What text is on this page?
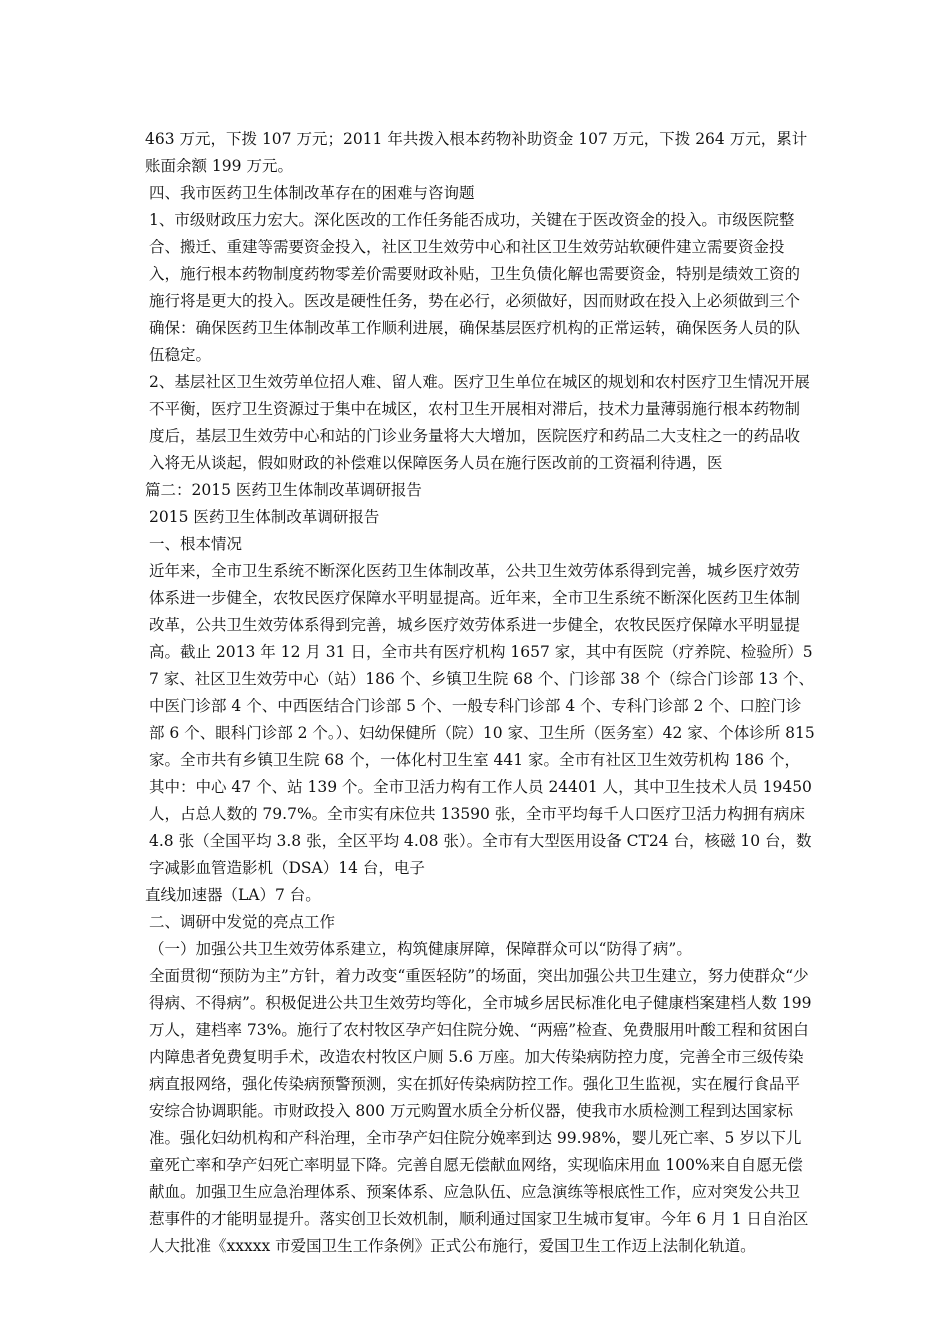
463 万元，下拨 107 万元；2011 年共拨入根本药物补助资金 107 万元，下拨 264 万元，累计账面余额 199 万元。

四、我市医药卫生体制改革存在的困难与咨询题

1、市级财政压力宏大。深化医改的工作任务能否成功，关键在于医改资金的投入。市级医院整合、搬迁、重建等需要资金投入，社区卫生效劳中心和社区卫生效劳站软硬件建立需要资金投入，施行根本药物制度药物零差价需要财政补贴，卫生负债化解也需要资金，特别是绩效工资的施行将是更大的投入。医改是硬性任务，势在必行，必须做好，因而财政在投入上必须做到三个确保：确保医药卫生体制改革工作顺利进展，确保基层医疗机构的正常运转，确保医务人员的队伍稳定。

2、基层社区卫生效劳单位招人难、留人难。医疗卫生单位在城区的规划和农村医疗卫生情况开展不平衡，医疗卫生资源过于集中在城区，农村卫生开展相对滞后，技术力量薄弱施行根本药物制度后，基层卫生效劳中心和站的门诊业务量将大大增加，医院医疗和药品二大支柱之一的药品收入将无从谈起，假如财政的补偿难以保障医务人员在施行医改前的工资福利待遇，医

篇二：2015 医药卫生体制改革调研报告

2015 医药卫生体制改革调研报告

一、根本情况

近年来，全市卫生系统不断深化医药卫生体制改革，公共卫生效劳体系得到完善，城乡医疗效劳体系进一步健全，农牧民医疗保障水平明显提高。近年来，全市卫生系统不断深化医药卫生体制改革，公共卫生效劳体系得到完善，城乡医疗效劳体系进一步健全，农牧民医疗保障水平明显提高。截止 2013 年 12 月 31 日，全市共有医疗机构 1657 家，其中有医院（疗养院、检验所）57 家、社区卫生效劳中心（站）186 个、乡镇卫生院 68 个、门诊部 38 个（综合门诊部 13 个、中医门诊部 4 个、中西医结合门诊部 5 个、一般专科门诊部 4 个、专科门诊部 2 个、口腔门诊部 6 个、眼科门诊部 2 个。）、妇幼保健所（院）10 家、卫生所（医务室）42 家、个体诊所 815 家。全市共有乡镇卫生院 68 个，一体化村卫生室 441 家。全市有社区卫生效劳机构 186 个，其中：中心 47 个、站 139 个。全市卫活力构有工作人员 24401 人，其中卫生技术人员 19450 人，占总人数的 79.7%。全市实有床位共 13590 张，全市平均每千人口医疗卫活力构拥有病床 4.8 张（全国平均 3.8 张，全区平均 4.08 张）。全市有大型医用设备 CT24 台，核磁 10 台，数字减影血管造影机（DSA）14 台，电子

直线加速器（LA）7 台。

二、调研中发觉的亮点工作

（一）加强公共卫生效劳体系建立，构筑健康屏障，保障群众可以“防得了病”。

全面贯彻“预防为主”方针，着力改变“重医轻防”的场面，突出加强公共卫生建立，努力使群众“少得病、不得病”。积极促进公共卫生效劳均等化，全市城乡居民标准化电子健康档案建档人数 199 万人，建档率 73%。施行了农村牧区孕产妇住院分娩、“两癌”检查、免费服用叶酸工程和贫困白内障患者免费复明手术，改造农村牧区户厕 5.6 万座。加大传染病防控力度，完善全市三级传染病直报网络，强化传染病预警预测，实在抓好传染病防控工作。强化卫生监视，实在履行食品平安综合协调职能。市财政投入 800 万元购置水质全分析仪器，使我市水质检测工程到达国家标准。强化妇幼机构和产科治理，全市孕产妇住院分娩率到达 99.98%，婴儿死亡率、5 岁以下儿童死亡率和孕产妇死亡率明显下降。完善自愿无偿献血网络，实现临床用血 100%来自自愿无偿献血。加强卫生应急治理体系、预案体系、应急队伍、应急演练等根底性工作，应对突发公共卫惹事件的才能明显提升。落实创卫长效机制，顺利通过国家卫生城市复审。今年 6 月 1 日自治区人大批准《xxxxx 市爱国卫生工作条例》正式公布施行，爱国卫生工作迈上法制化轨道。
